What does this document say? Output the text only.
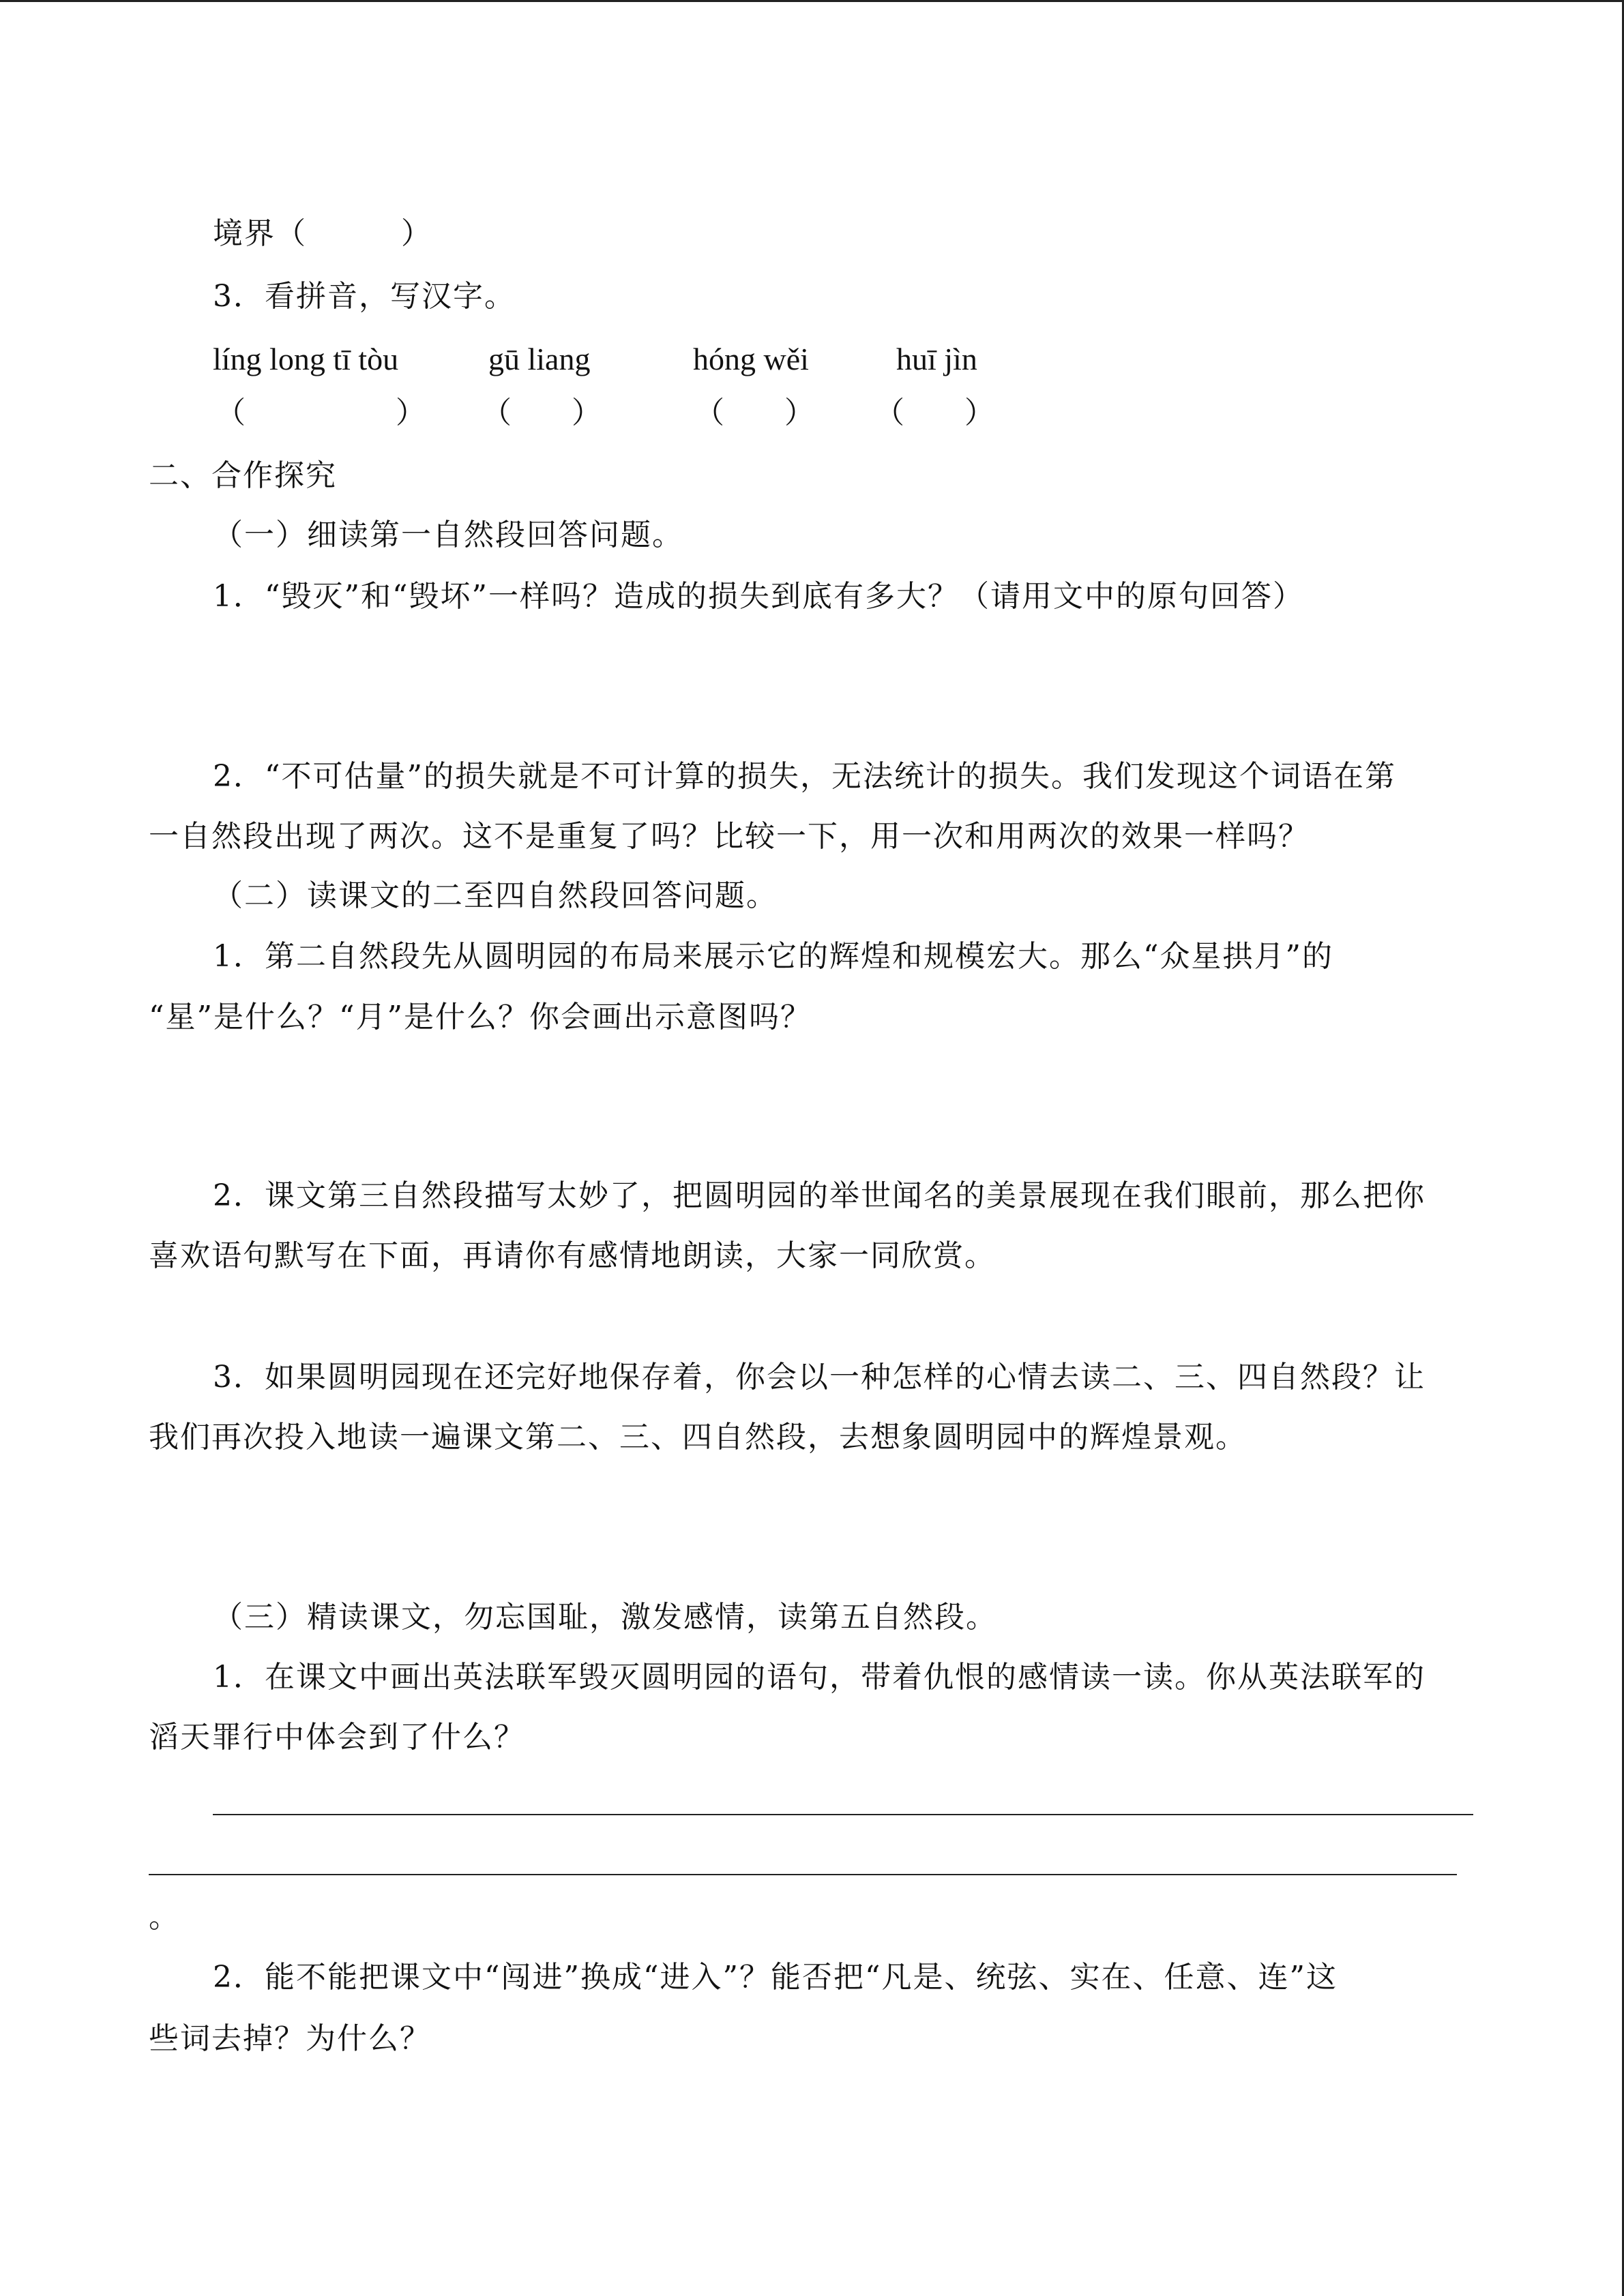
境界（　　　）
3．看拼音，写汉字。
líng long tī tòu	gū liang	hóng wěi	huī jìn
（　　　　　） （　　）	（　　） （　　）
二、合作探究
（一）细读第一自然段回答问题。
1．“毁灭”和“毁坏”一样吗？造成的损失到底有多大？（请用文中的原句回答）
2．“不可估量”的损失就是不可计算的损失，无法统计的损失。我们发现这个词语在第
一自然段出现了两次。这不是重复了吗？比较一下，用一次和用两次的效果一样吗？
（二）读课文的二至四自然段回答问题。
1．第二自然段先从圆明园的布局来展示它的辉煌和规模宏大。那么“众星拱月”的
“星”是什么？“月”是什么？你会画出示意图吗？
2．课文第三自然段描写太妙了，把圆明园的举世闻名的美景展现在我们眼前，那么把你
喜欢语句默写在下面，再请你有感情地朗读，大家一同欣赏。
3．如果圆明园现在还完好地保存着，你会以一种怎样的心情去读二、三、四自然段？让
我们再次投入地读一遍课文第二、三、四自然段，去想象圆明园中的辉煌景观。
（三）精读课文，勿忘国耻，激发感情，读第五自然段。
1．在课文中画出英法联军毁灭圆明园的语句，带着仇恨的感情读一读。你从英法联军的
滔天罪行中体会到了什么？
。
2．能不能把课文中“闯进”换成“进入”？能否把“凡是、统弦、实在、任意、连”这
些词去掉？为什么？
